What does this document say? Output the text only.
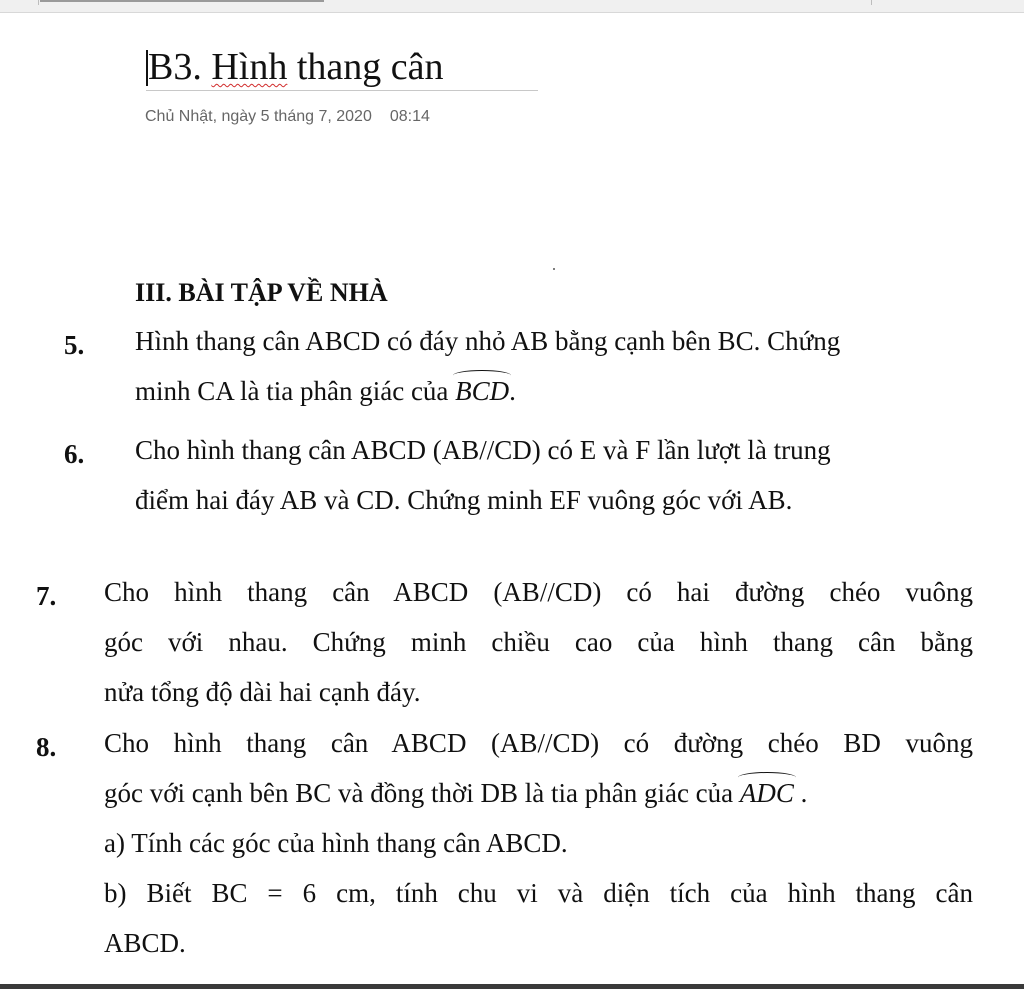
B3. Hình thang cân
Chủ Nhật, ngày 5 tháng 7, 2020 08:14
III. BÀI TẬP VỀ NHÀ
5. Hình thang cân ABCD có đáy nhỏ AB bằng cạnh bên BC. Chứng
minh CA là tia phân giác của BCD.
6. Cho hình thang cân ABCD (AB//CD) có E và F lần lượt là trung
điểm hai đáy AB và CD. Chứng minh EF vuông góc với AB.
7. Cho hình thang cân ABCD (AB//CD) có hai đường chéo vuông
góc với nhau. Chứng minh chiều cao của hình thang cân bằng
nửa tổng độ dài hai cạnh đáy.
8. Cho hình thang cân ABCD (AB//CD) có đường chéo BD vuông
góc với cạnh bên BC và đồng thời DB là tia phân giác của ADC .
a) Tính các góc của hình thang cân ABCD.
b) Biết BC = 6 cm, tính chu vi và diện tích của hình thang cân
ABCD.
